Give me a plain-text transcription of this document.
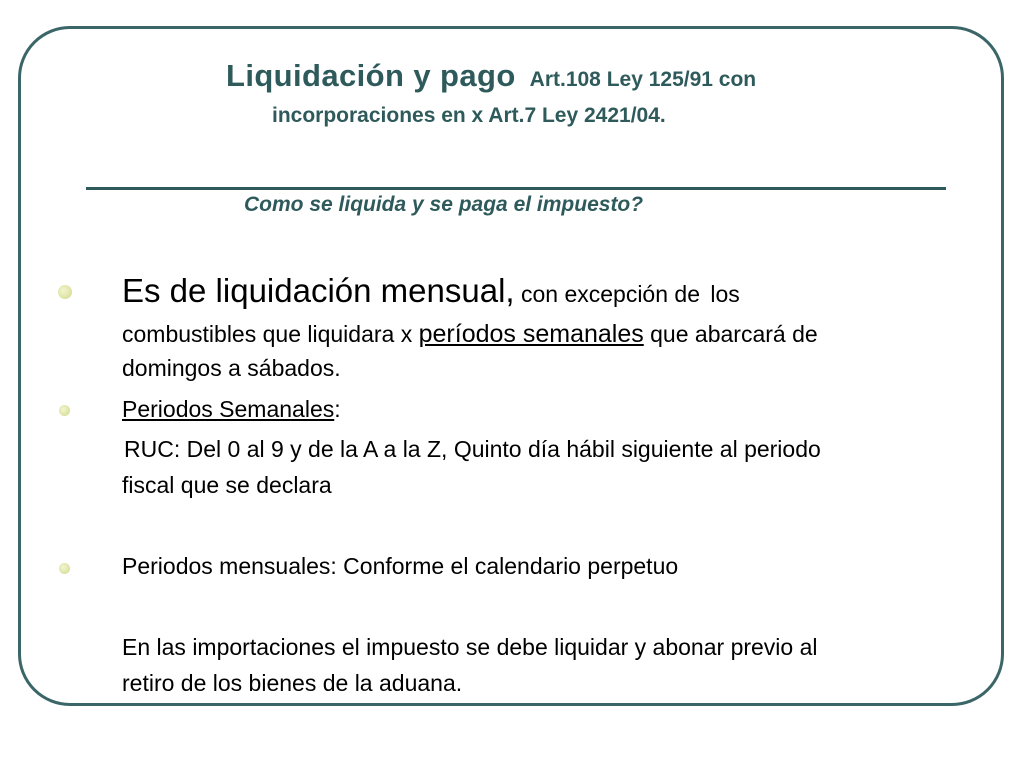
Liquidación y pago Art.108 Ley 125/91 con
incorporaciones en x Art.7 Ley 2421/04.
Como se liquida y se paga el impuesto?
Es de liquidación mensual, con excepción de los
combustibles que liquidara x períodos semanales que abarcará de
domingos a sábados.
Periodos Semanales:
RUC: Del 0 al 9 y de la A a la Z, Quinto día hábil siguiente al periodo
fiscal que se declara
Periodos mensuales: Conforme el calendario perpetuo
En las importaciones el impuesto se debe liquidar y abonar previo al
retiro de los bienes de la aduana.
